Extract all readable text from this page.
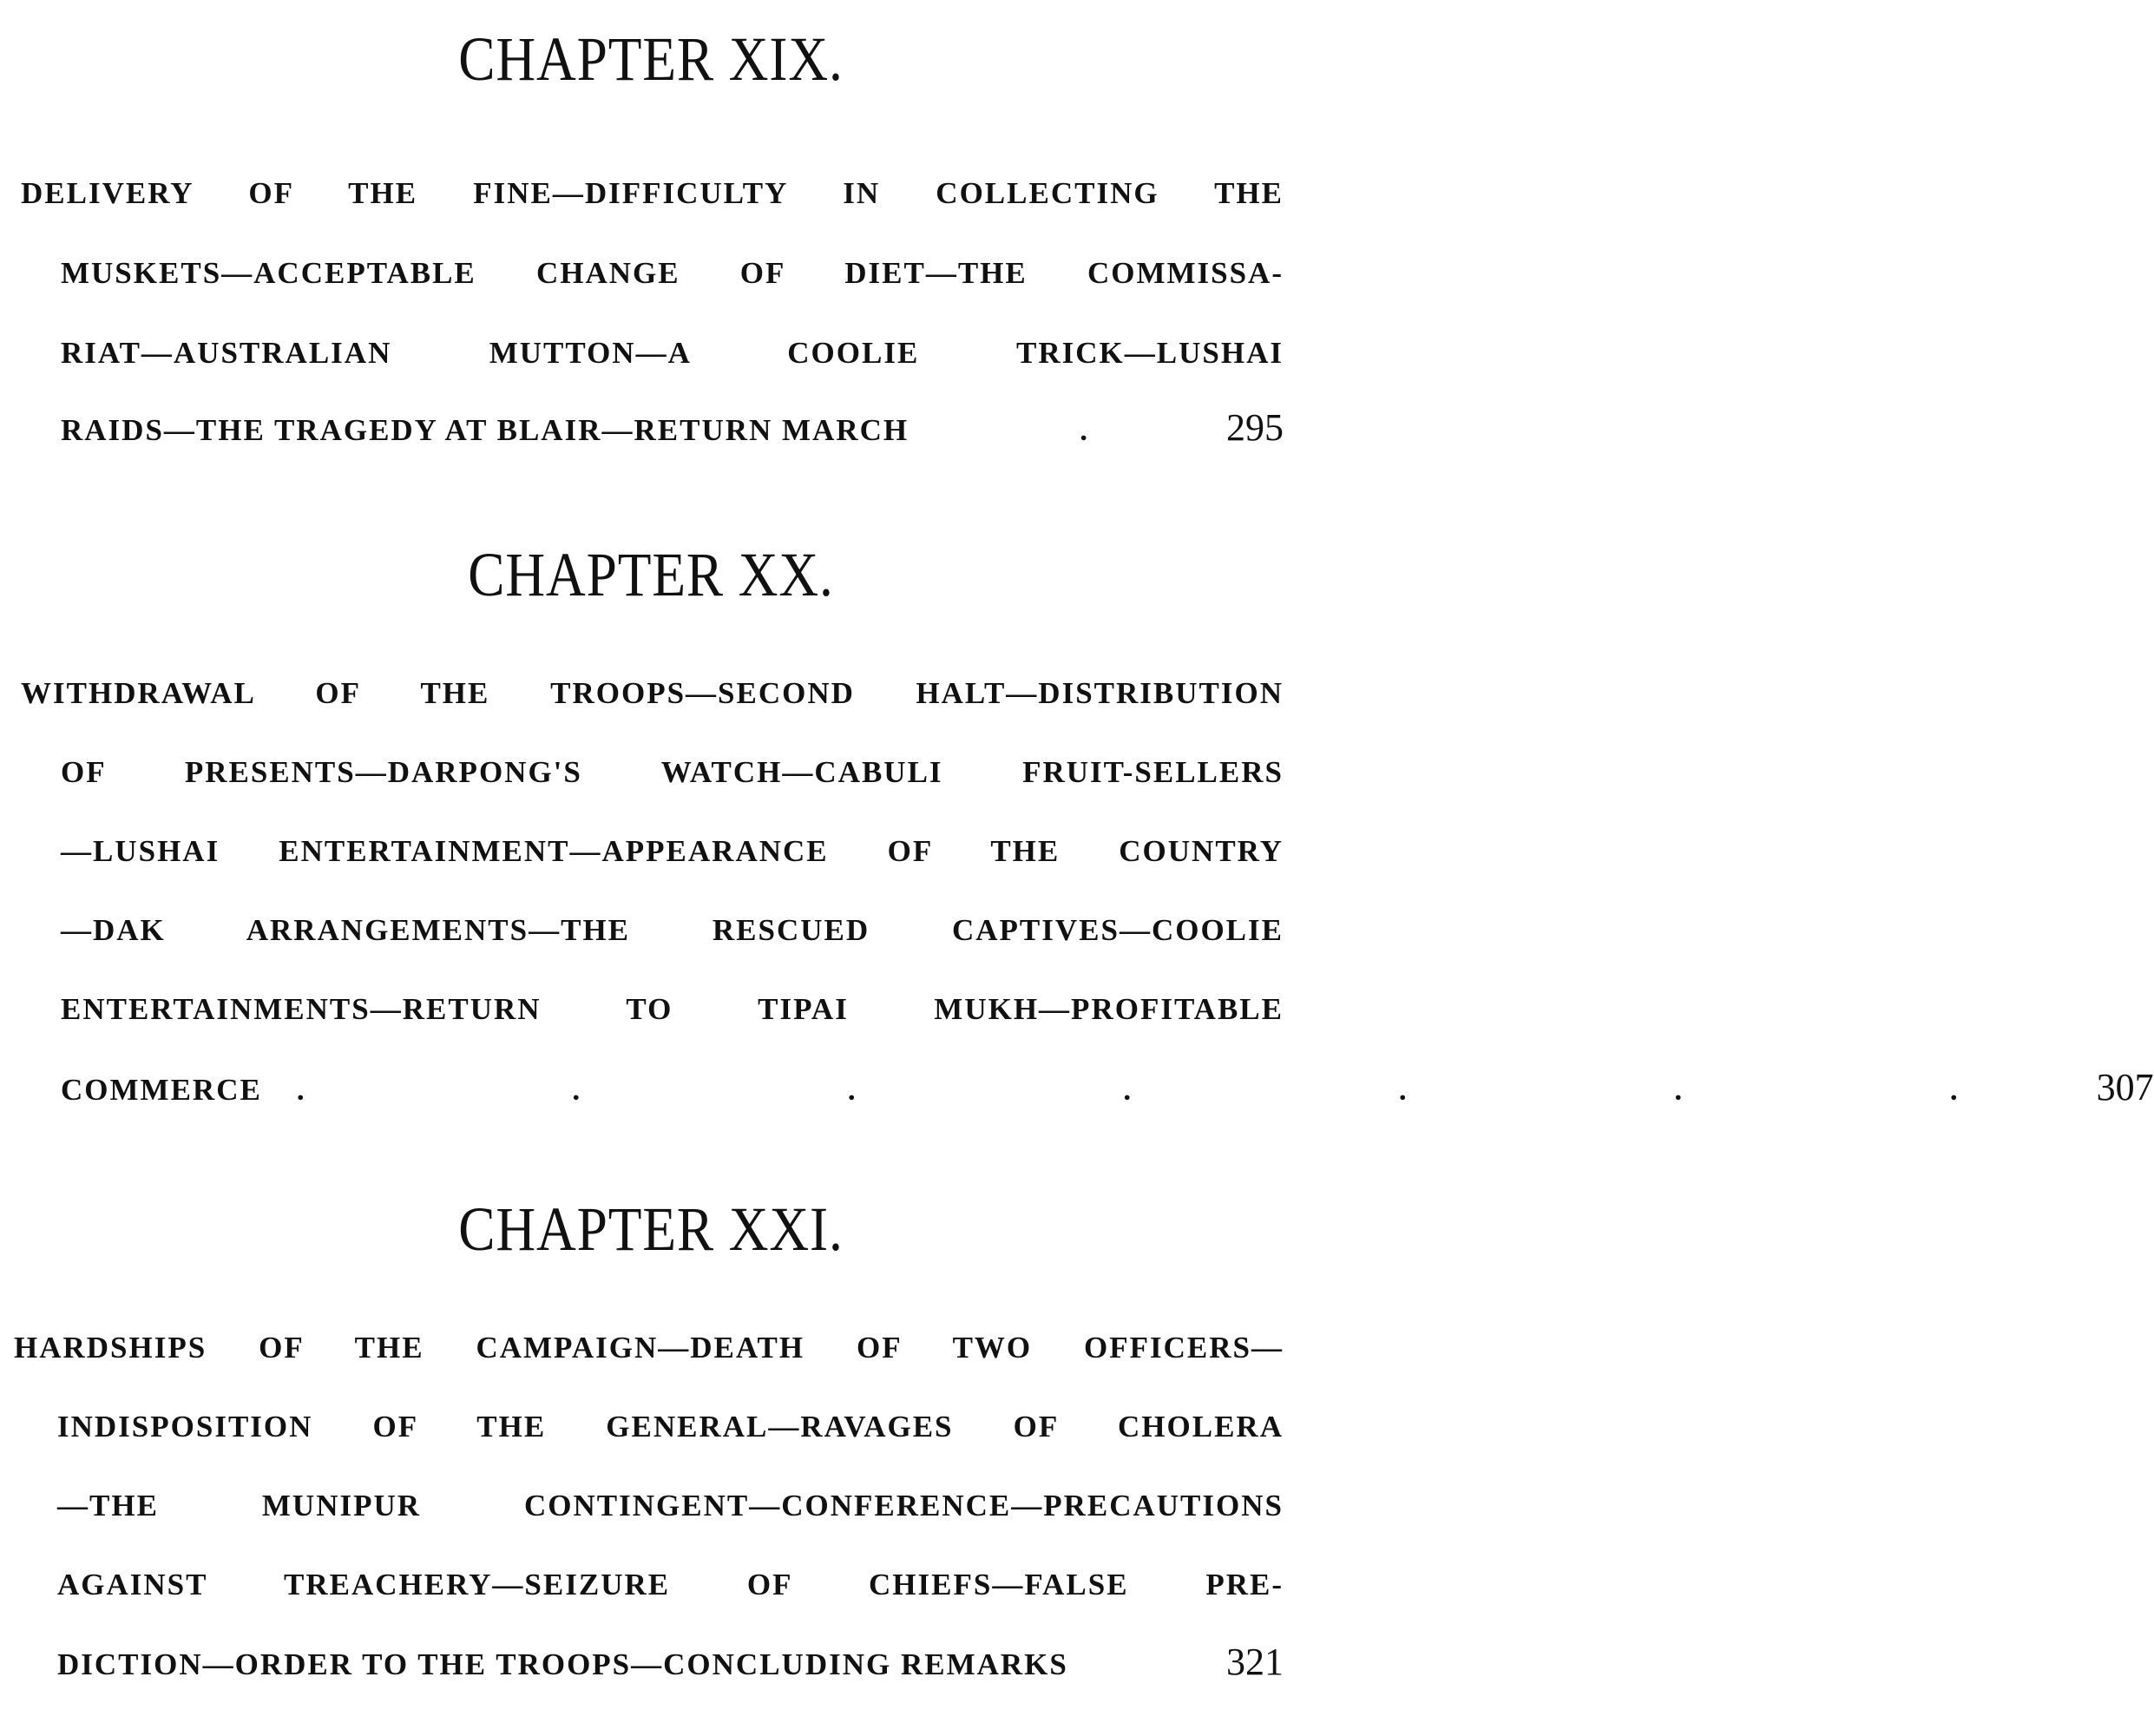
CHAPTER XIX.

DELIVERY OF THE FINE—DIFFICULTY IN COLLECTING THE

MUSKETS—ACCEPTABLE CHANGE OF DIET—THE COMMISSA-

RIAT—AUSTRALIAN MUTTON—A COOLIE TRICK—LUSHAI

RAIDS—THE TRAGEDY AT BLAIR—RETURN MARCH	. 295

CHAPTER XX.

WITHDRAWAL OF THE TROOPS—SECOND HALT—DISTRIBUTION

OF PRESENTS—DARPONG'S WATCH—CABULI FRUIT-SELLERS

—LUSHAI ENTERTAINMENT—APPEARANCE OF THE COUNTRY

—DAK ARRANGEMENTS—THE RESCUED CAPTIVES—COOLIE

ENTERTAINMENTS—RETURN TO TIPAI MUKH—PROFITABLE

COMMERCE	. . . . . . . 307

CHAPTER XXI.

HARDSHIPS OF THE CAMPAIGN—DEATH OF TWO OFFICERS—

INDISPOSITION OF THE GENERAL—RAVAGES OF CHOLERA

—THE MUNIPUR CONTINGENT—CONFERENCE—PRECAUTIONS

AGAINST TREACHERY—SEIZURE OF CHIEFS—FALSE PRE-

DICTION—ORDER TO THE TROOPS—CONCLUDING REMARKS	321
